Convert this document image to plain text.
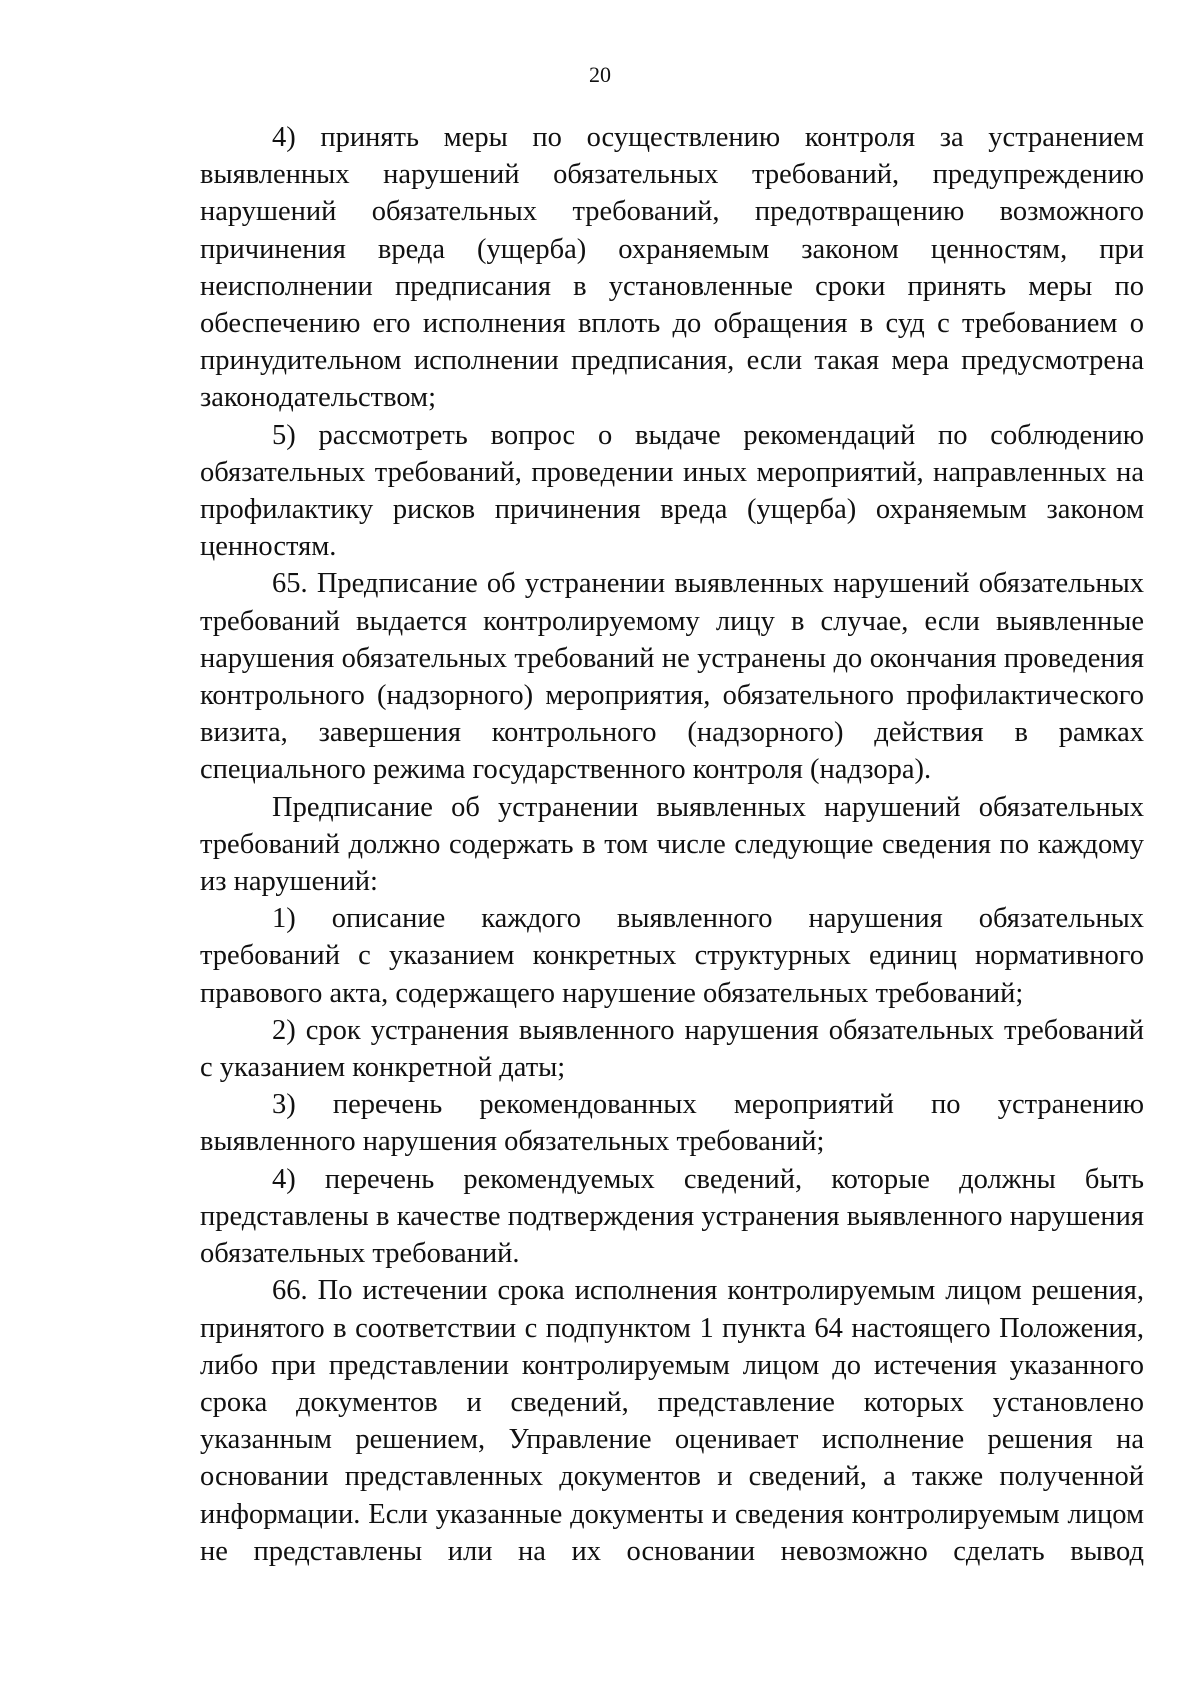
20

4) принять меры по осуществлению контроля за устранением выявленных нарушений обязательных требований, предупреждению нарушений обязательных требований, предотвращению возможного причинения вреда (ущерба) охраняемым законом ценностям, при неисполнении предписания в установленные сроки принять меры по обеспечению его исполнения вплоть до обращения в суд с требованием о принудительном исполнении предписания, если такая мера предусмотрена законодательством;

5) рассмотреть вопрос о выдаче рекомендаций по соблюдению обязательных требований, проведении иных мероприятий, направленных на профилактику рисков причинения вреда (ущерба) охраняемым законом ценностям.

65. Предписание об устранении выявленных нарушений обязательных требований выдается контролируемому лицу в случае, если выявленные нарушения обязательных требований не устранены до окончания проведения контрольного (надзорного) мероприятия, обязательного профилактического визита, завершения контрольного (надзорного) действия в рамках специального режима государственного контроля (надзора).

Предписание об устранении выявленных нарушений обязательных требований должно содержать в том числе следующие сведения по каждому из нарушений:

1) описание каждого выявленного нарушения обязательных требований с указанием конкретных структурных единиц нормативного правового акта, содержащего нарушение обязательных требований;

2) срок устранения выявленного нарушения обязательных требований с указанием конкретной даты;

3) перечень рекомендованных мероприятий по устранению выявленного нарушения обязательных требований;

4) перечень рекомендуемых сведений, которые должны быть представлены в качестве подтверждения устранения выявленного нарушения обязательных требований.

66. По истечении срока исполнения контролируемым лицом решения, принятого в соответствии с подпунктом 1 пункта 64 настоящего Положения, либо при представлении контролируемым лицом до истечения указанного срока документов и сведений, представление которых установлено указанным решением, Управление оценивает исполнение решения на основании представленных документов и сведений, а также полученной информации. Если указанные документы и сведения контролируемым лицом не представлены или на их основании невозможно сделать вывод
